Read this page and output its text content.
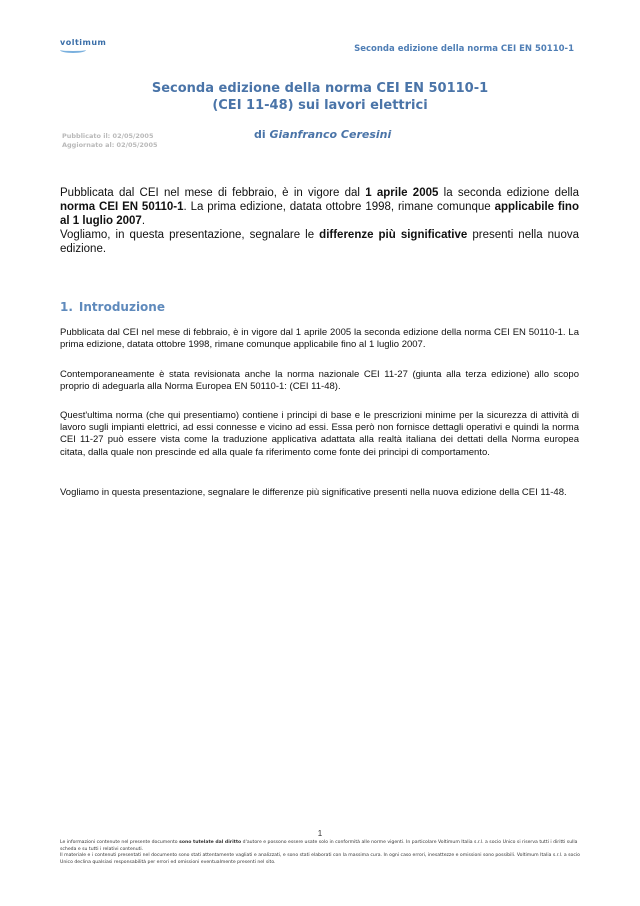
voltimum
Seconda edizione della norma CEI EN 50110-1
Seconda edizione della norma CEI EN 50110-1
(CEI 11-48) sui lavori elettrici
Pubblicato il: 02/05/2005
Aggiornato al: 02/05/2005
di Gianfranco Ceresini
Pubblicata dal CEI nel mese di febbraio, è in vigore dal 1 aprile 2005 la seconda edizione della norma CEI EN 50110-1. La prima edizione, datata ottobre 1998, rimane comunque applicabile fino al 1 luglio 2007.
Vogliamo, in questa presentazione, segnalare le differenze più significative presenti nella nuova edizione.
1. Introduzione
Pubblicata dal CEI nel mese di febbraio, è in vigore dal 1 aprile 2005 la seconda edizione della norma CEI EN 50110-1. La prima edizione, datata ottobre 1998, rimane comunque applicabile fino al 1 luglio 2007.
Contemporaneamente è stata revisionata anche la norma nazionale CEI 11-27 (giunta alla terza edizione) allo scopo proprio di adeguarla alla Norma Europea EN 50110-1: (CEI 11-48).
Quest'ultima norma (che qui presentiamo) contiene i principi di base e le prescrizioni minime per la sicurezza di attività di lavoro sugli impianti elettrici, ad essi connesse e vicino ad essi. Essa però non fornisce dettagli operativi e quindi la norma CEI 11-27 può essere vista come la traduzione applicativa adattata alla realtà italiana dei dettati della Norma europea citata, dalla quale non prescinde ed alla quale fa riferimento come fonte dei principi di comportamento.
Vogliamo in questa presentazione, segnalare le differenze più significative presenti nella nuova edizione della CEI 11-48.
1
Le informazioni contenute nel presente documento sono tutelate dal diritto d'autore e possono essere usate solo in conformità alle norme vigenti. In particolare Voltimum Italia s.r.l. a socio Unico si riserva tutti i diritti sulla scheda e su tutti i relativi contenuti.
Il materiale e i contenuti presentati nel documento sono stati attentamente vagliati e analizzati, e sono stati elaborati con la massima cura. In ogni caso errori, inesattezze e omissioni sono possibili. Voltimum Italia s.r.l. a socio Unico declina qualsiasi responsabilità per errori ed omissioni eventualmente presenti nel sito.
